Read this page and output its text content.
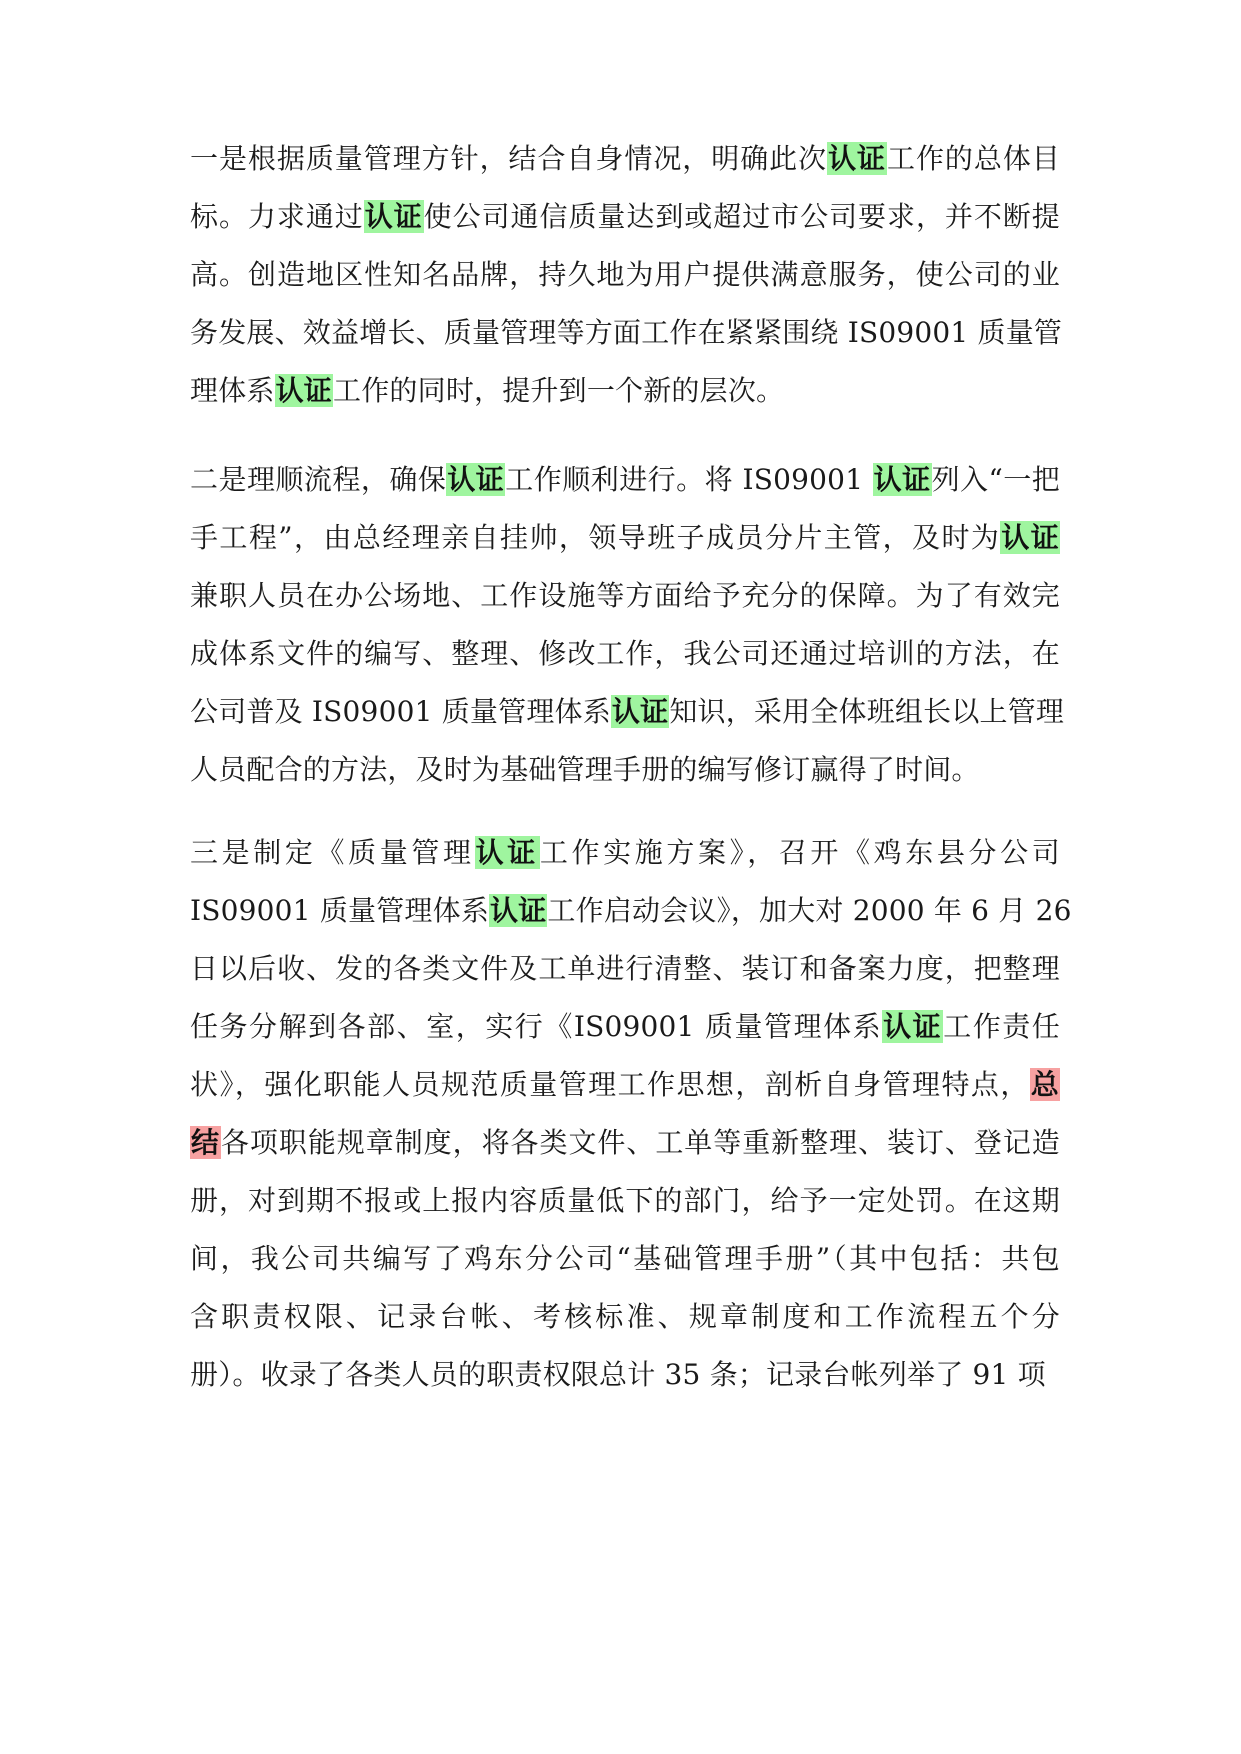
一是根据质量管理方针，结合自身情况，明确此次认证工作的总体目
标。力求通过认证使公司通信质量达到或超过市公司要求，并不断提
高。创造地区性知名品牌，持久地为用户提供满意服务，使公司的业
务发展、效益增长、质量管理等方面工作在紧紧围绕 IS09001 质量管
理体系认证工作的同时，提升到一个新的层次。
二是理顺流程，确保认证工作顺利进行。将 IS09001 认证列入“一把
手工程”，由总经理亲自挂帅，领导班子成员分片主管，及时为认证
兼职人员在办公场地、工作设施等方面给予充分的保障。为了有效完
成体系文件的编写、整理、修改工作，我公司还通过培训的方法，在
公司普及 IS09001 质量管理体系认证知识，采用全体班组长以上管理
人员配合的方法，及时为基础管理手册的编写修订赢得了时间。
三是制定《质量管理认证工作实施方案》，召开《鸡东县分公司
IS09001 质量管理体系认证工作启动会议》，加大对 2000 年 6 月 26
日以后收、发的各类文件及工单进行清整、装订和备案力度，把整理
任务分解到各部、室，实行《IS09001 质量管理体系认证工作责任
状》，强化职能人员规范质量管理工作思想，剖析自身管理特点，总
结各项职能规章制度，将各类文件、工单等重新整理、装订、登记造
册，对到期不报或上报内容质量低下的部门，给予一定处罚。在这期
间，我公司共编写了鸡东分公司“基础管理手册”（其中包括：共包
含职责权限、记录台帐、考核标准、规章制度和工作流程五个分
册）。收录了各类人员的职责权限总计 35 条；记录台帐列举了 91 项
